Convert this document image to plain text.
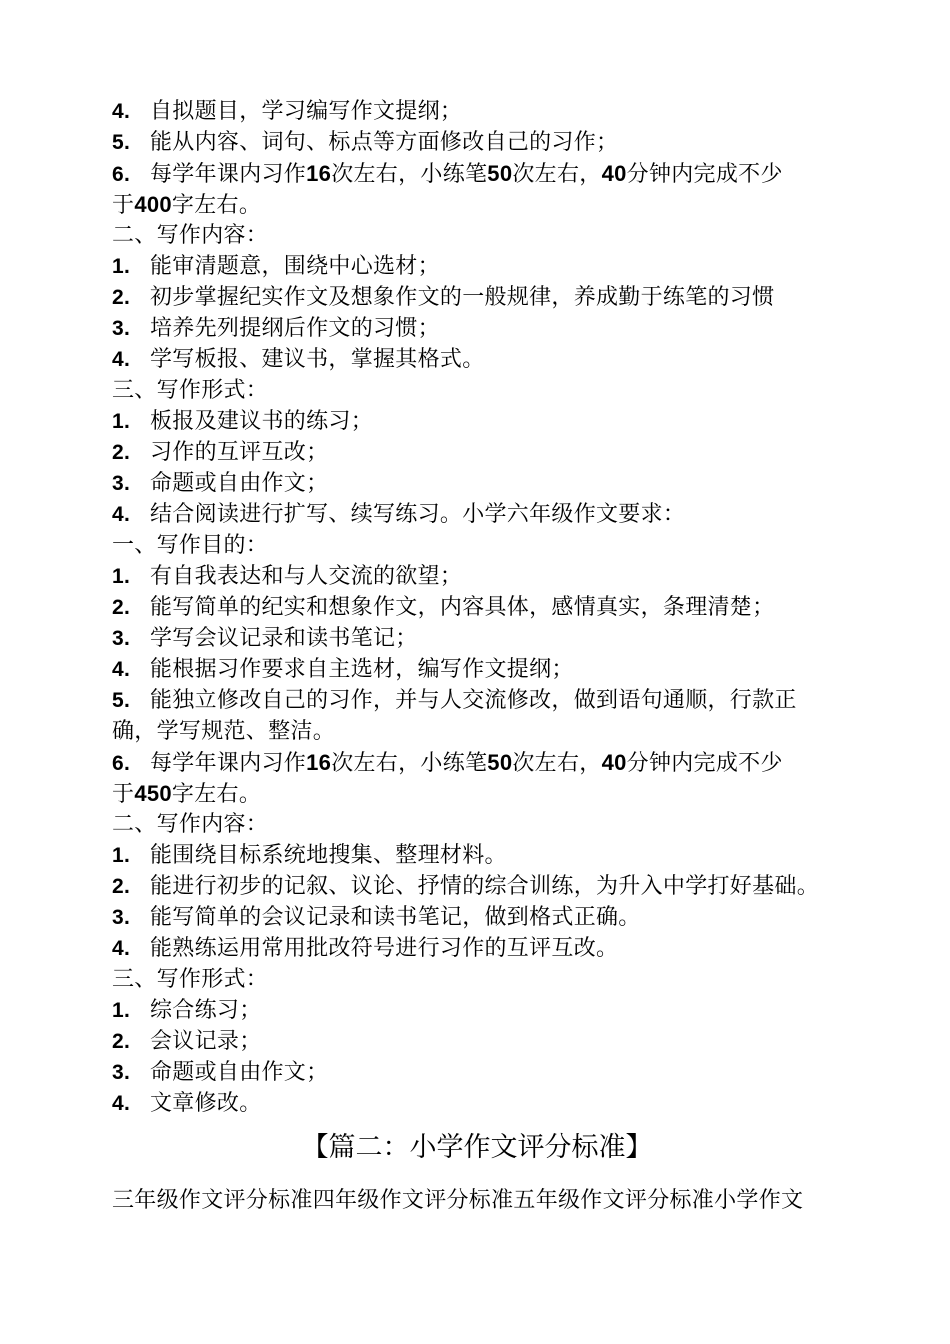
4. 自拟题目，学习编写作文提纲；
5. 能从内容、词句、标点等方面修改自己的习作；
6. 每学年课内习作16次左右，小练笔50次左右，40分钟内完成不少
于400字左右。
二、写作内容：
1. 能审清题意，围绕中心选材；
2. 初步掌握纪实作文及想象作文的一般规律，养成勤于练笔的习惯
3. 培养先列提纲后作文的习惯；
4. 学写板报、建议书，掌握其格式。
三、写作形式：
1. 板报及建议书的练习；
2. 习作的互评互改；
3. 命题或自由作文；
4. 结合阅读进行扩写、续写练习。小学六年级作文要求：
一、写作目的：
1. 有自我表达和与人交流的欲望；
2. 能写简单的纪实和想象作文，内容具体，感情真实，条理清楚；
3. 学写会议记录和读书笔记；
4. 能根据习作要求自主选材，编写作文提纲；
5. 能独立修改自己的习作，并与人交流修改，做到语句通顺，行款正
确，学写规范、整洁。
6. 每学年课内习作16次左右，小练笔50次左右，40分钟内完成不少
于450字左右。
二、写作内容：
1. 能围绕目标系统地搜集、整理材料。
2. 能进行初步的记叙、议论、抒情的综合训练，为升入中学打好基础。
3. 能写简单的会议记录和读书笔记，做到格式正确。
4. 能熟练运用常用批改符号进行习作的互评互改。
三、写作形式：
1. 综合练习；
2. 会议记录；
3. 命题或自由作文；
4. 文章修改。
【篇二：小学作文评分标准】
三年级作文评分标准四年级作文评分标准五年级作文评分标准小学作文
